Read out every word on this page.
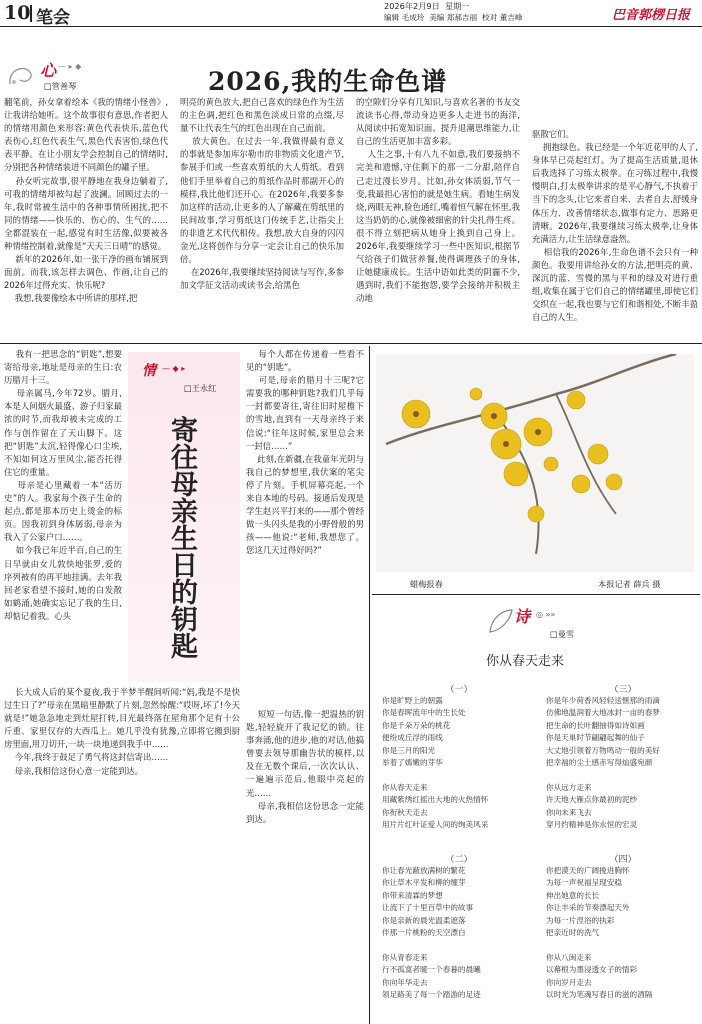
10 笔会
2026年2月9日 星期一
编辑 毛成玲 美编 郑郝吉丽 校对 董吉峰	巴音郭楞日报
心 — ▸ ◆
□管善琴	2026,我的生命色谱
翻笔前，孙女拿着绘本《我的情绪小怪兽》,让我讲给她听。这个故事很有意思,作者把人的情绪用颜色来形容:黄色代表快乐,蓝色代表伤心,红色代表生气,黑色代表害怕,绿色代表平静。在让小朋友学会控制自己的情绪时,分别把各种情绪装进不同颜色的罐子里。
孙女听完故事,很平静地在我身边躺着了,可我的情绪却被勾起了波澜。回顾过去的一年,我时常被生活中的各种事情所困扰,把不同的情绪——快乐的、伤心的、生气的……全都混装在一起,感觉有时生活像,似要被各种情绪控制着,就像是“天天三日晴”的感觉。
新年的2026年,如一张干净的画布铺展到面前。而我,该怎样去调色、作画,让自己的2026年过得充实、快乐呢?
我想,我要像绘本中所讲的那样,把
明亮的黄色放大,把自己喜欢的绿色作为生活的主色调,把红色和黑色淡成日常的点缀,尽量不让代表生气的红色出现在自己面前。
放大黄色。在过去一年,我做得最有意义的事就是参加库尔勒市的非物质文化遗产节,参展手们或一些喜欢剪纸的大人剪纸。看到他们手里举着自己的剪纸作品时那副开心的模样,我比他们还开心。在2026年,我要多参加这样的活动,让更多的人了解藏在剪纸里的民间故事,学习剪纸这门传统手艺,让指尖上的非遗艺术代代相传。我想,放大自身的闪闪金光,这将创作与分享一定会让自己的快乐加倍。
在2026年,我要继续坚持阅读与写作,多参加文学征文活动或读书会,给黑色
的空隙们分享有几知识,与喜欢名著的书友交流读书心得,带动身边更多人走进书的海洋,从阅读中拓宽知识面、提升退潮思维能力,让自己的生活更加丰富多彩。
人生之事,十有八九不如意,我们要接纳不完美和遗憾,守住剩下的那一二分甜,陪伴自己走过漫长岁月。比如,孙女体质弱,节气一变,我最担心害怕的就是她生病。看她生病发烧,两眼无神,脸色通红,嘴着恒气解在怀里,我这当奶奶的心,就像被细密的针尖扎得生疼。很不得立刻把病从她身上换到自己身上。2026年,我要继续学习一些中医知识,根据节气给孩子们做营养餐,使得调理孩子的身体,让她健康成长。生活中语如此类的阴霾不少,遇到时,我们不能抱怨,要学会接纳并积极主动地
驱散它们。
拥抱绿色。我已经是一个年近花甲的人了,身体早已亮起红灯。为了提高生活质量,退休后我选择了习练太极拳。在习练过程中,我慢慢明白,打太极拳讲求的是平心静气,不执着于当下的念头,让它来者自来、去者自去,舒缓身体压力、改善情绪状态,做事有定力、思路更清晰。2026年,我要继续习练太极拳,让身体充满活力,让生活绿意盎然。
相信我的2026年,生命色谱不会只有一种颜色。我要用讲给孙女的方法,把明亮的黄、深沉的蓝、雪慢的黑与平和的绿及对进行重组,收集在属于它们自己的情绪罐里,即使它们交织在一起,我也要与它们和谐相处,不断丰盈自己的人生。
我有一把思念的“钥匙”,想要寄给母亲,地址是母亲的生日:农历腊月十三。
母亲属马,今年72岁。腊月,本是人间烟火最盛、游子归家最浓的时节,而我却被未完成的工作与创作留在了天山脚下。这把“钥匙”太沉,轻得像心口尘埃,不知如何这万里风尘,能否托得住它的重量。
母亲是心里藏着一本“活历史”的人。我家每个孩子生命的起点,都是那本历史上烫金的标页。因我初到身体孱弱,母亲为我入了公家户口……。
如今我已年近半百,自己的生日早就由女儿敦快地张罗,爱的序列被有的再平地挂满。去年我回老家看望不接时,她的白发散如鹤涌,她确实忘记了我的生日,却惦记着我。心头
情 — ◆ ▸
□王永红
寄往母亲生日的钥匙
每个人都在传递着一些看不见的“钥匙”。
可是,母亲的腊月十三呢?它需要我的哪种钥匙?我们几乎每一封都要寄往,寄往旧时屋檐下的雪地,直到有一天母亲终于来信说:“往年这时候,家里总会来一封信……”
此刻,在新疆,在我童年光阴与我自己的梦想里,我伏案的笔尖停了片刻。手机屏幕亮起,一个来自本地的号码。接通后发现是学生赵兴平打来的——那个曾经做一头闪头是我的小野骨般的男孩——他说:“老师,我想您了。您这几天过得好吗?”
长大成人后的某个夏夜,我于半梦半醒间听闻:“妈,我是不是快过生日了?”母亲在黑暗里静默了片刻,忽然惊醒:“哎呀,坏了!今天就是!”她急急地走到灶屋打转,目光最终落在屋角那个足有十公斤重、家里仅存的大西瓜上。她几乎没有犹豫,立即将它搬到厨房里面,用刀切开,一块一块地递到我手中……
今年,我终于鼓足了勇气将这封信寄出……
母亲,我相信这份心意一定能到达。
短短一句话,像一把温热的钥匙,轻轻旋开了我记忆的锁。往事奔涌,他的进步,他的对话,他搞曾要去领导那幽告状的模样,以及在无数个课后,一次次认认、一遍遍示范后,他眼中亮起的光……
母亲,我相信这份思念一定能到达。
蜡梅报春	本报记者 薛兵 摄
诗 ◎ »»
□曼雪
你从春天走来
（一）
你是旷野上的朝露
你是春晖流年中的生长处
你是千朵万朵的桃花
便纷成丘浮的雨线
你是三月的阳光
举着了嫣嫩的芽华
你从春天走来
用藏紫绣红摇出大地的火热情怀
你衔秋天走去
用片片红叶证爱人间的绚美风采
（三）
你是年少荷香风轻轻送惬那的雨滴
仿佛地温润着大地冰封一亩的春梦
把生命的长叶翻抽得如诗如画
你是天巢时节翩翩起舞的仙子
大丈地引领着万物鸣动一般的美好
把幸福的尘土感赤写得灿盛宛颜
你从远方走来
许天地大雁点你最初的泥纱
你向未来飞去
穿月约精神是你永恒的宏灵
（二）
你让春光蔽放满树的繁花
你让草木平发和柳的缠芽
你带来清霖的梦想
让流下了十里百草中的故事
你是亲新的晨光温柔遮落
伴那一片桃粉的天空漂白
你从青春走来
行不孤寞者暖一个春暮的晨曦
你向年华走去
领足路美了每一个踏游的足迹
（四）
你把漠天的广阔挽进胸怀
为每一声祝福呈现安稳
伸出她意的长长
你让丰采的节奏漂起天外
为每一片涅浴的执彩
把亲近时的洗气
你从八闽走来
以幕根为墨浸透女子的情彩
你向岁月走去
以时光为笔魂写春日的滋的酒隔
